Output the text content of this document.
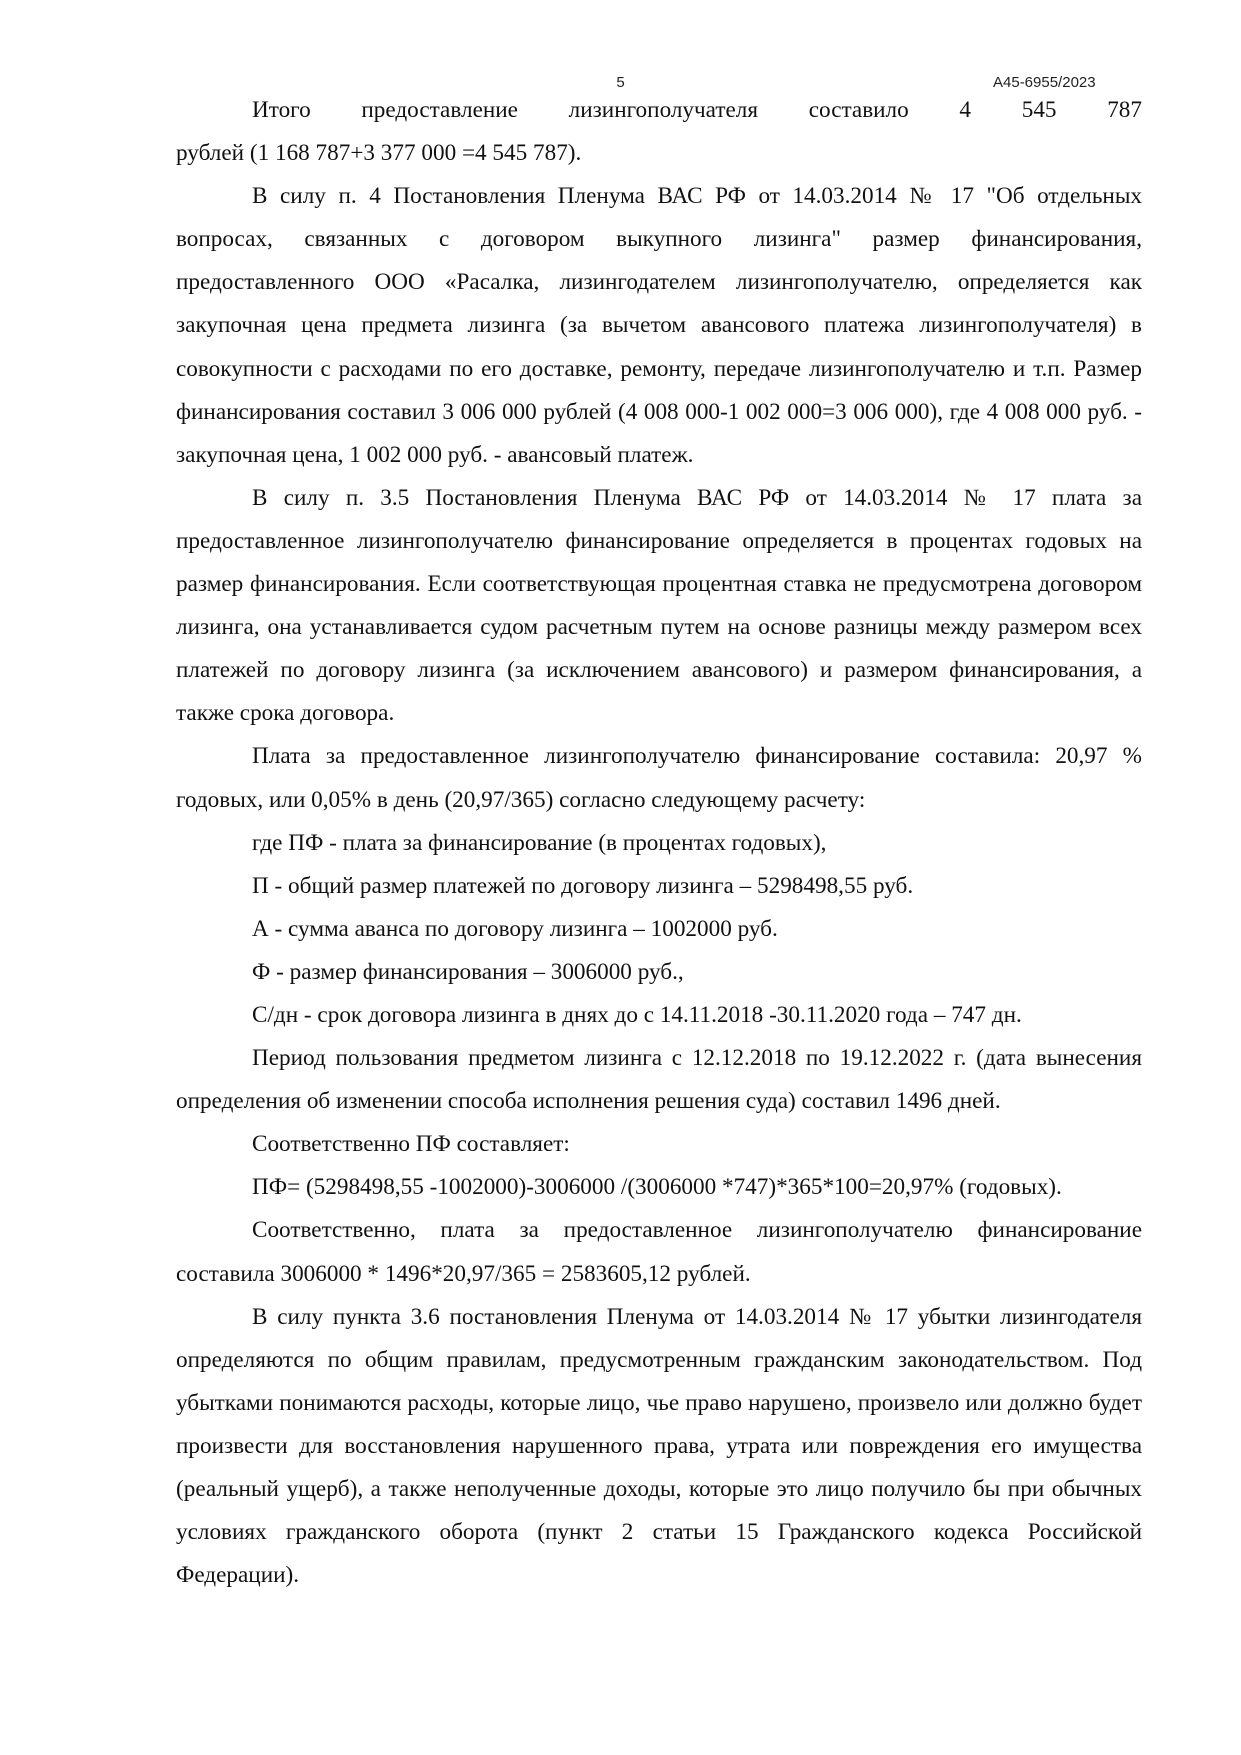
5	А45-6955/2023

Итого предоставление лизингополучателя составило 4 545 787

рублей (1 168 787+3 377 000 =4 545 787).

В силу п. 4 Постановления Пленума ВАС РФ от 14.03.2014 № 17 "Об отдельных вопросах, связанных с договором выкупного лизинга" размер финансирования, предоставленного ООО «Расалка, лизингодателем лизингополучателю, определяется как закупочная цена предмета лизинга (за вычетом авансового платежа лизингополучателя) в совокупности с расходами по его доставке, ремонту, передаче лизингополучателю и т.п. Размер финансирования составил 3 006 000 рублей (4 008 000-1 002 000=3 006 000), где 4 008 000 руб. - закупочная цена, 1 002 000 руб. - авансовый платеж.

В силу п. 3.5 Постановления Пленума ВАС РФ от 14.03.2014 № 17 плата за предоставленное лизингополучателю финансирование определяется в процентах годовых на размер финансирования. Если соответствующая процентная ставка не предусмотрена договором лизинга, она устанавливается судом расчетным путем на основе разницы между размером всех платежей по договору лизинга (за исключением авансового) и размером финансирования, а также срока договора.

Плата за предоставленное лизингополучателю финансирование составила: 20,97 % годовых, или 0,05% в день (20,97/365) согласно следующему расчету:

где ПФ - плата за финансирование (в процентах годовых),

П - общий размер платежей по договору лизинга – 5298498,55 руб.

А - сумма аванса по договору лизинга – 1002000 руб.

Ф - размер финансирования – 3006000 руб.,

С/дн - срок договора лизинга в днях до с 14.11.2018 -30.11.2020 года – 747 дн.

Период пользования предметом лизинга с 12.12.2018 по 19.12.2022 г. (дата вынесения определения об изменении способа исполнения решения суда) составил 1496 дней.

Соответственно ПФ составляет:

ПФ= (5298498,55 -1002000)-3006000 /(3006000 *747)*365*100=20,97% (годовых).

Соответственно, плата за предоставленное лизингополучателю финансирование составила 3006000 * 1496*20,97/365 = 2583605,12 рублей.

В силу пункта 3.6 постановления Пленума от 14.03.2014 № 17 убытки лизингодателя определяются по общим правилам, предусмотренным гражданским законодательством. Под убытками понимаются расходы, которые лицо, чье право нарушено, произвело или должно будет произвести для восстановления нарушенного права, утрата или повреждения его имущества (реальный ущерб), а также неполученные доходы, которые это лицо получило бы при обычных условиях гражданского оборота (пункт 2 статьи 15 Гражданского кодекса Российской Федерации).
